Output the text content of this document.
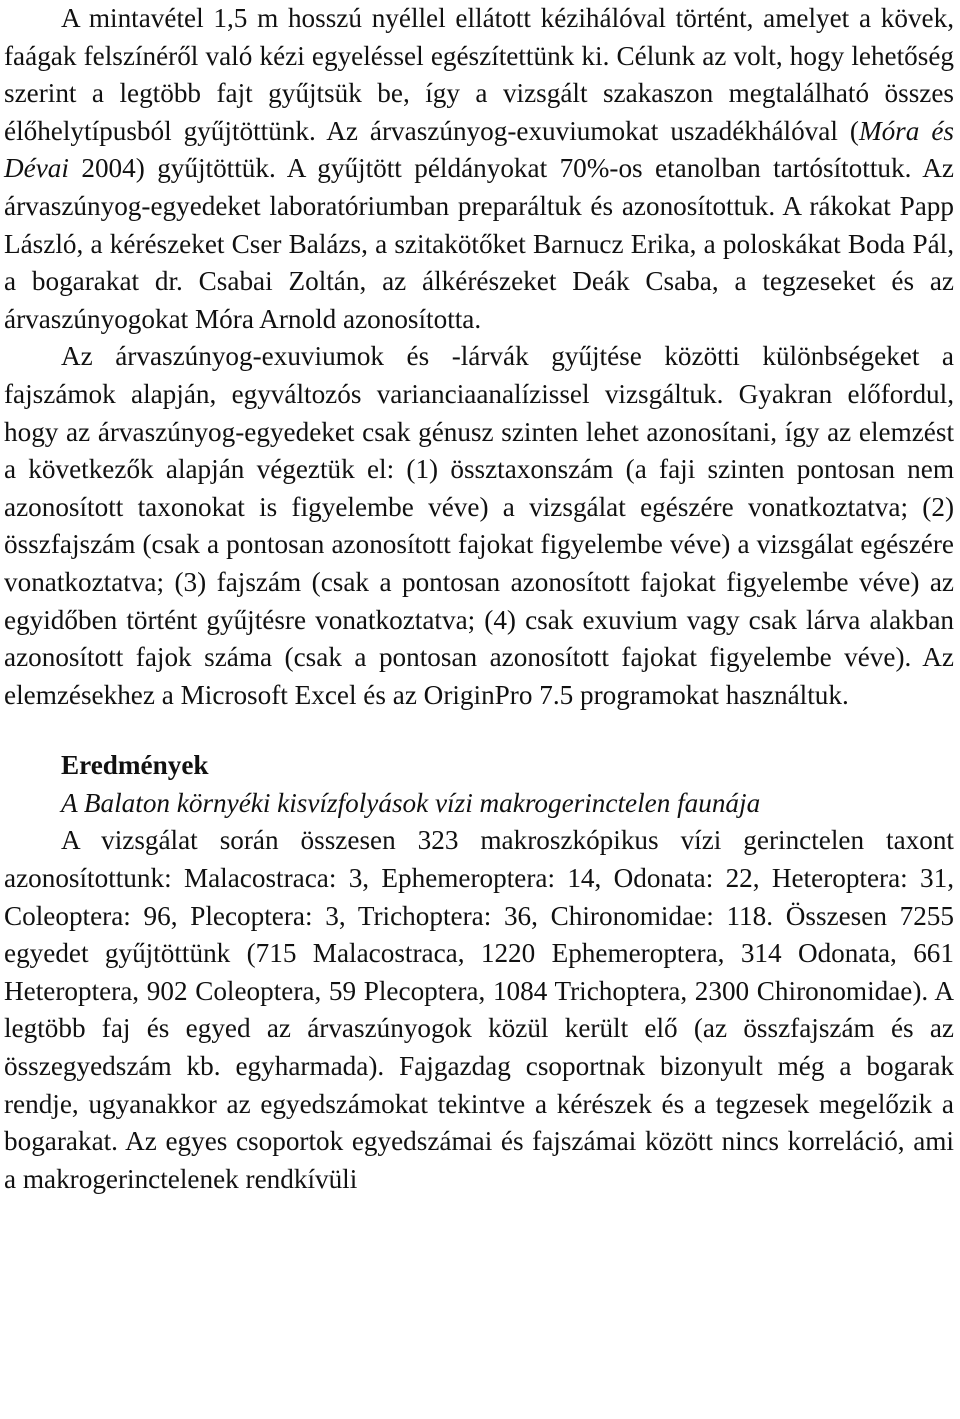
A mintavétel 1,5 m hosszú nyéllel ellátott kézihálóval történt, amelyet a kövek, faágak felszínéről való kézi egyeléssel egészítettünk ki. Célunk az volt, hogy lehetőség szerint a legtöbb fajt gyűjtsük be, így a vizsgált szakaszon megtalálható összes élőhelytípusból gyűjtöttünk. Az árvaszúnyog-exuviumokat uszadékhálóval (Móra és Dévai 2004) gyűjtöttük. A gyűjtött példányokat 70%-os etanolban tartósítottuk. Az árvaszúnyog-egyedeket laboratóriumban preparáltuk és azonosítottuk. A rákokat Papp László, a kérészeket Cser Balázs, a szitakötőket Barnucz Erika, a poloskákat Boda Pál, a bogarakat dr. Csabai Zoltán, az álkérészeket Deák Csaba, a tegzeseket és az árvaszúnyogokat Móra Arnold azonosította.

Az árvaszúnyog-exuviumok és -lárvák gyűjtése közötti különbségeket a fajszámok alapján, egyváltozós varianciaanalízissel vizsgáltuk. Gyakran előfordul, hogy az árvaszúnyog-egyedeket csak génusz szinten lehet azonosítani, így az elemzést a következők alapján végeztük el: (1) össztaxonszám (a faji szinten pontosan nem azonosított taxonokat is figyelembe véve) a vizsgálat egészére vonatkoztatva; (2) összfajszám (csak a pontosan azonosított fajokat figyelembe véve) a vizsgálat egészére vonatkoztatva; (3) fajszám (csak a pontosan azonosított fajokat figyelembe véve) az egyidőben történt gyűjtésre vonatkoztatva; (4) csak exuvium vagy csak lárva alakban azonosított fajok száma (csak a pontosan azonosított fajokat figyelembe véve). Az elemzésekhez a Microsoft Excel és az OriginPro 7.5 programokat használtuk.

Eredmények
A Balaton környéki kisvízfolyások vízi makrogerinctelen faunája

A vizsgálat során összesen 323 makroszkópikus vízi gerinctelen taxont azonosítottunk: Malacostraca: 3, Ephemeroptera: 14, Odonata: 22, Heteroptera: 31, Coleoptera: 96, Plecoptera: 3, Trichoptera: 36, Chironomidae: 118. Összesen 7255 egyedet gyűjtöttünk (715 Malacostraca, 1220 Ephemeroptera, 314 Odonata, 661 Heteroptera, 902 Coleoptera, 59 Plecoptera, 1084 Trichoptera, 2300 Chironomidae). A legtöbb faj és egyed az árvaszúnyogok közül került elő (az összfajszám és az összegyedszám kb. egyharmada). Fajgazdag csoportnak bizonyult még a bogarak rendje, ugyanakkor az egyedszámokat tekintve a kérészek és a tegzesek megelőzik a bogarakat. Az egyes csoportok egyedszámai és fajszámai között nincs korreláció, ami a makrogerinctelenek rendkívüli
